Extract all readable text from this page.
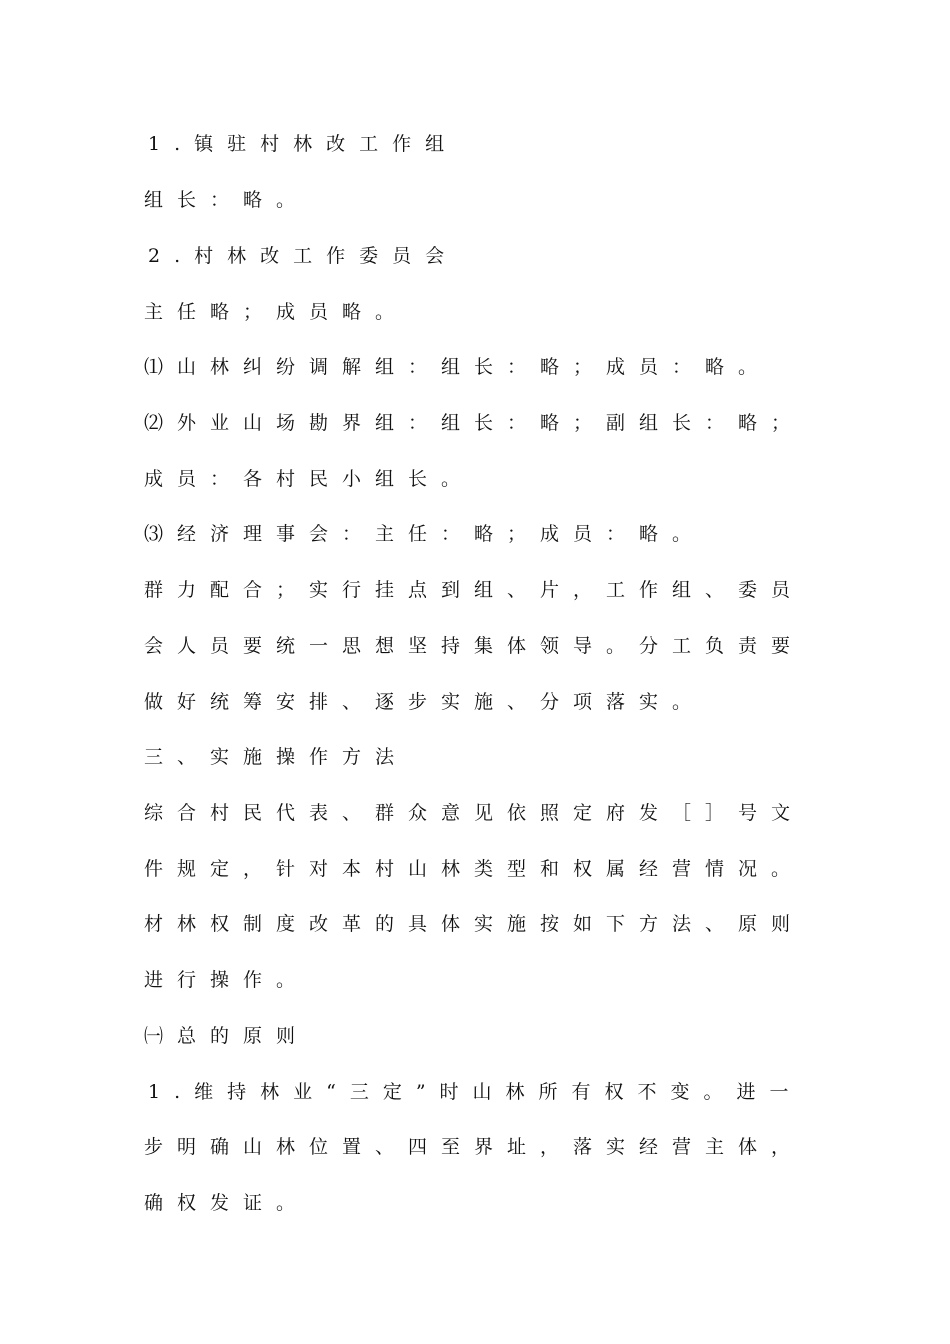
1.镇驻村林改工作组
组长：略。
2.村林改工作委员会
主任略；成员略。
⑴山林纠纷调解组：组长：略；成员：略。
⑵外业山场勘界组：组长：略；副组长：略；
成员：各村民小组长。
⑶经济理事会：主任：略；成员：略。
群力配合；实行挂点到组、片，工作组、委员
会人员要统一思想坚持集体领导。分工负责要
做好统筹安排、逐步实施、分项落实。
三、实施操作方法
综合村民代表、群众意见依照定府发［］号文
件规定，针对本村山林类型和权属经营情况。
材林权制度改革的具体实施按如下方法、原则
进行操作。
㈠总的原则
1.维持林业“三定”时山林所有权不变。进一
步明确山林位置、四至界址，落实经营主体，
确权发证。
